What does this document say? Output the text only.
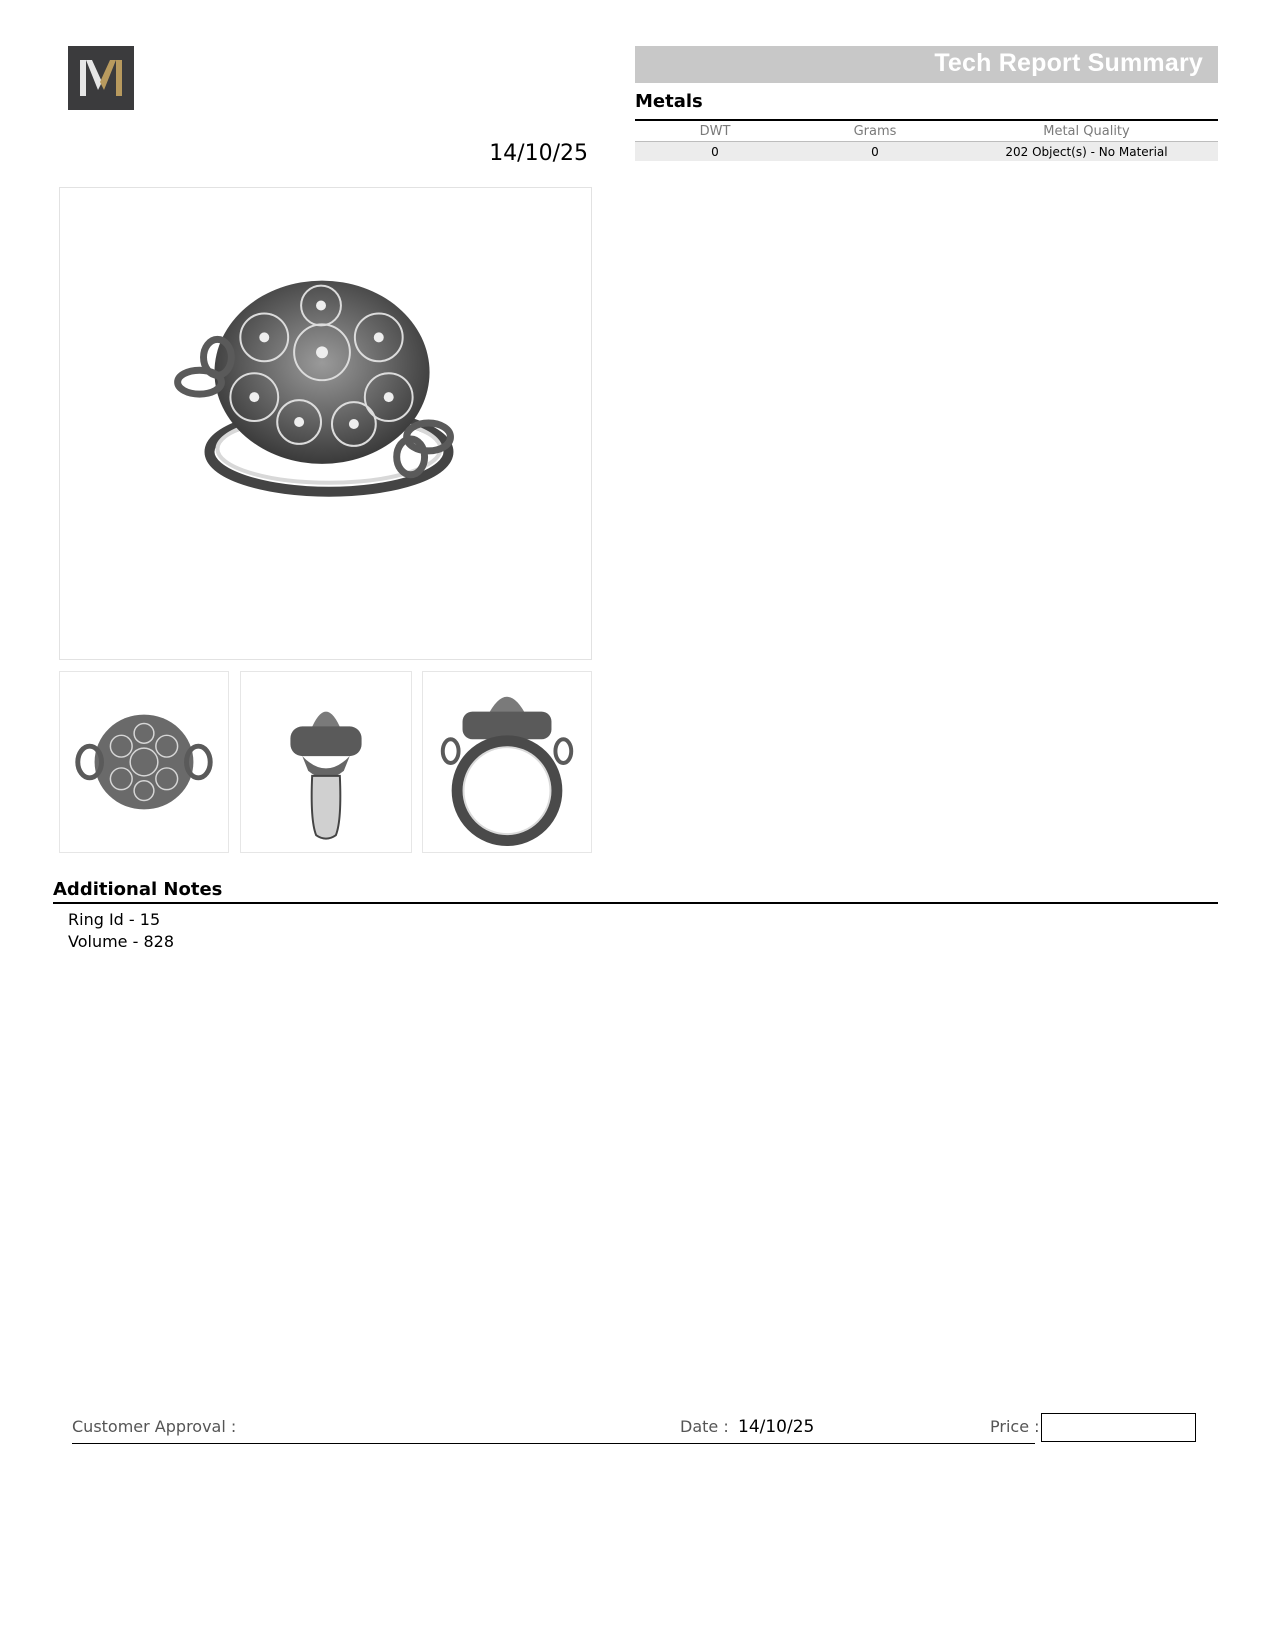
Tech Report Summary
14/10/25
Metals
DWT	Grams	Metal Quality
0	0	202 Object(s) - No Material
Additional Notes
Ring Id - 15
Volume - 828
Customer Approval :	Date : 14/10/25	Price :
